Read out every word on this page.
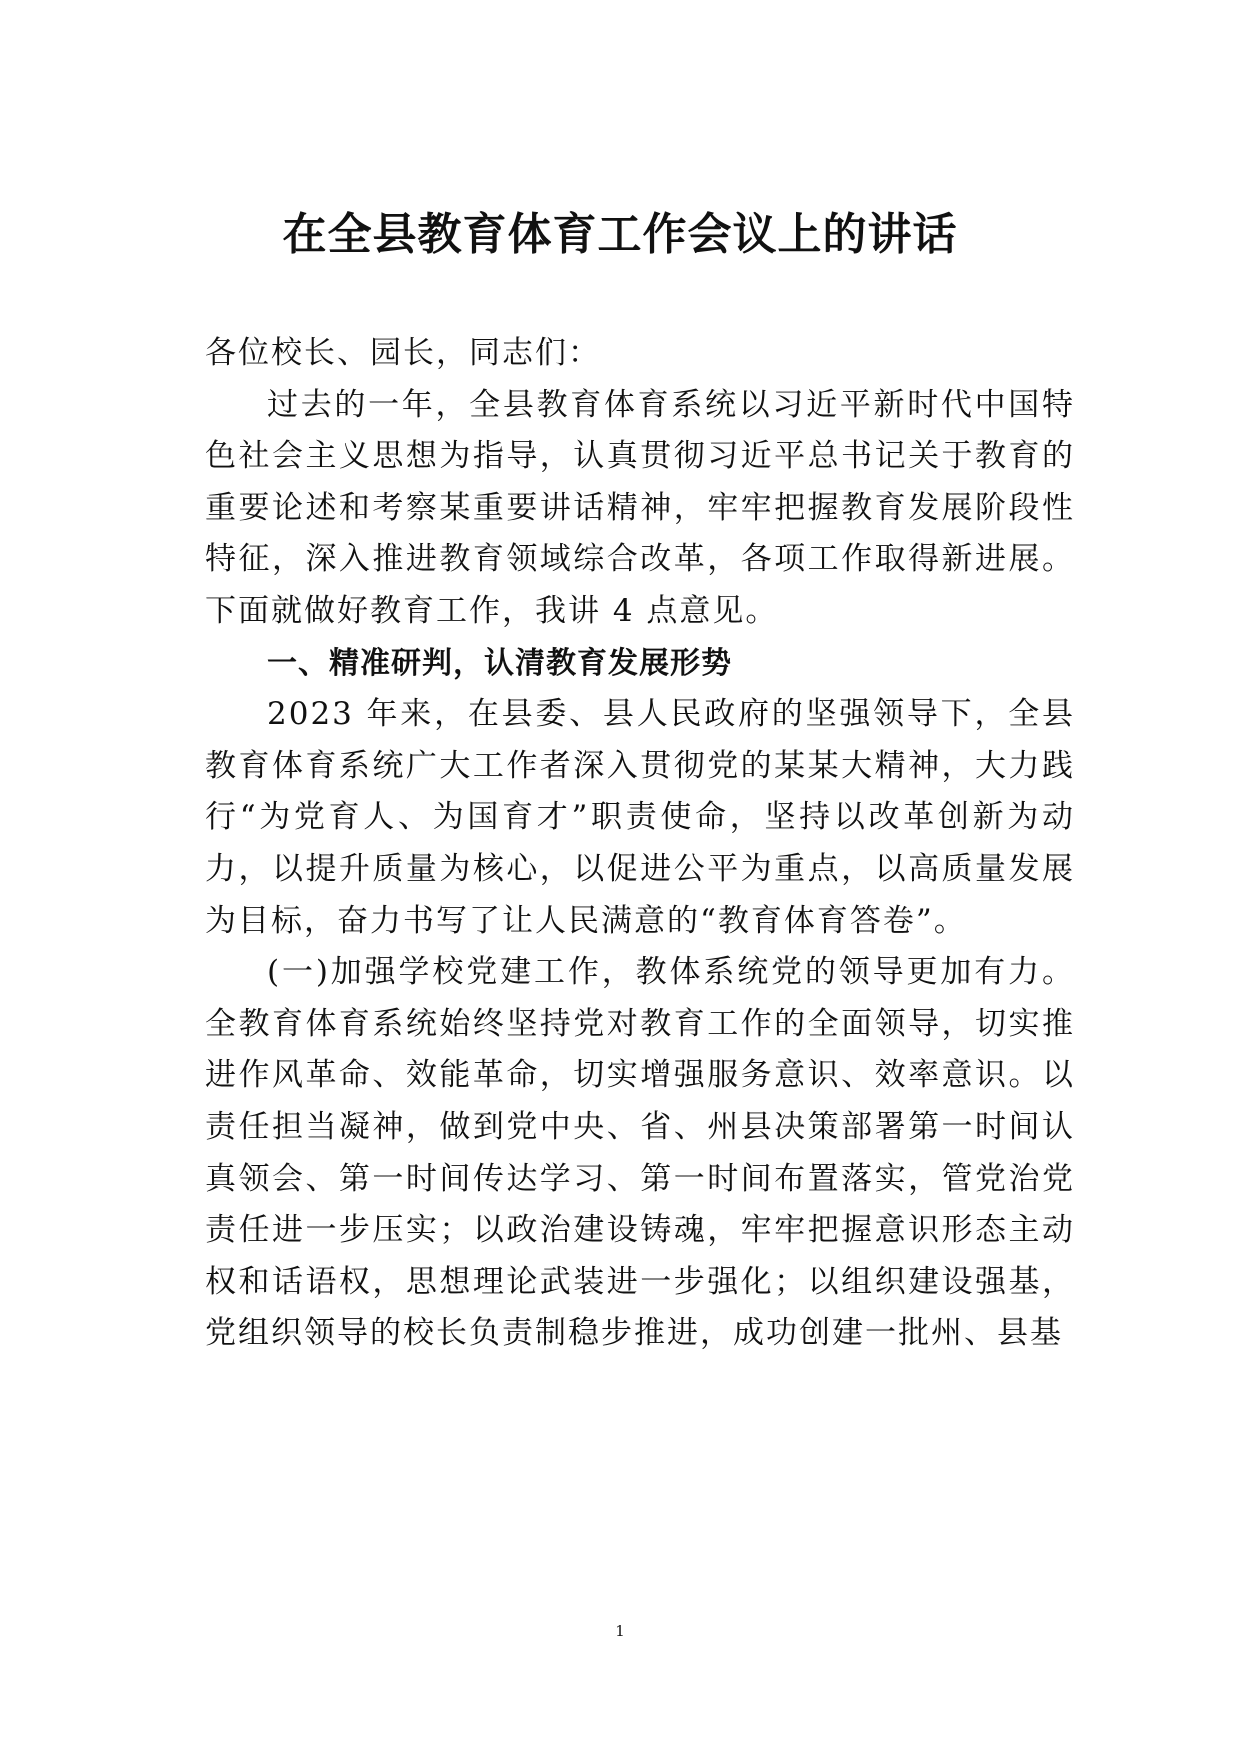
在全县教育体育工作会议上的讲话

各位校长、园长，同志们：

过去的一年，全县教育体育系统以习近平新时代中国特色社会主义思想为指导，认真贯彻习近平总书记关于教育的重要论述和考察某重要讲话精神，牢牢把握教育发展阶段性特征，深入推进教育领域综合改革，各项工作取得新进展。下面就做好教育工作，我讲 4 点意见。

一、精准研判，认清教育发展形势

2023 年来，在县委、县人民政府的坚强领导下，全县教育体育系统广大工作者深入贯彻党的某某大精神，大力践行“为党育人、为国育才”职责使命，坚持以改革创新为动力，以提升质量为核心，以促进公平为重点，以高质量发展为目标，奋力书写了让人民满意的“教育体育答卷”。

(一)加强学校党建工作，教体系统党的领导更加有力。全教育体育系统始终坚持党对教育工作的全面领导，切实推进作风革命、效能革命，切实增强服务意识、效率意识。以责任担当凝神，做到党中央、省、州县决策部署第一时间认真领会、第一时间传达学习、第一时间布置落实，管党治党责任进一步压实；以政治建设铸魂，牢牢把握意识形态主动权和话语权，思想理论武装进一步强化；以组织建设强基，党组织领导的校长负责制稳步推进，成功创建一批州、县基

1
